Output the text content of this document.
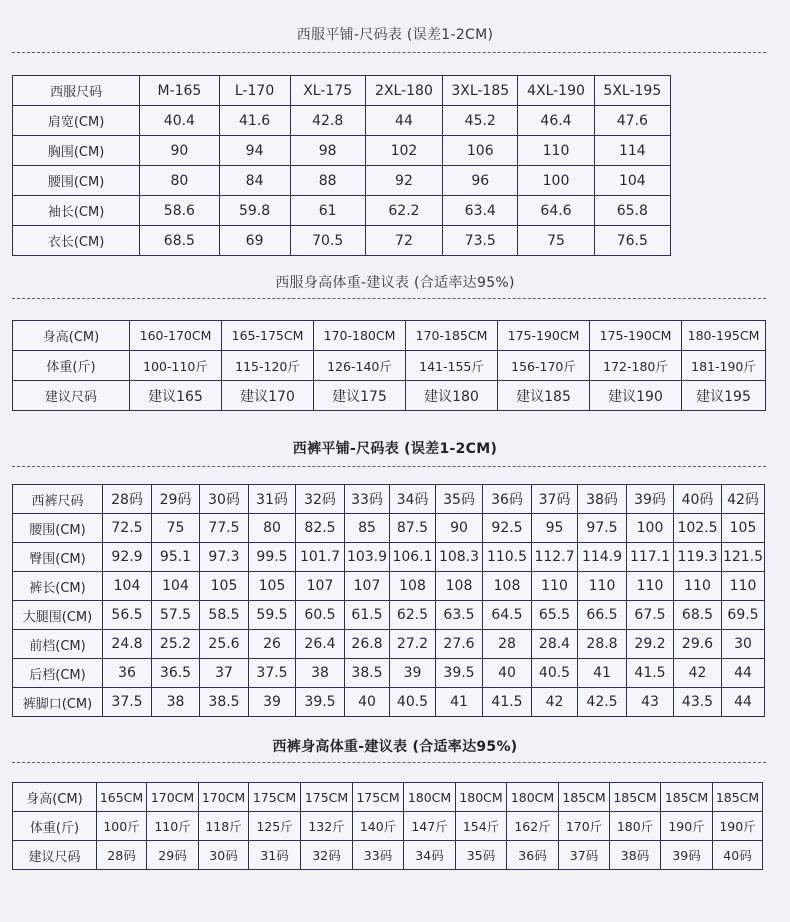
西服平铺-尺码表 (误差1-2CM)
西服尺码	M-165	L-170	XL-175	2XL-180	3XL-185	4XL-190	5XL-195
肩宽(CM)	40.4	41.6	42.8	44	45.2	46.4	47.6
胸围(CM)	90	94	98	102	106	110	114
腰围(CM)	80	84	88	92	96	100	104
袖长(CM)	58.6	59.8	61	62.2	63.4	64.6	65.8
衣长(CM)	68.5	69	70.5	72	73.5	75	76.5
西服身高体重-建议表 (合适率达95%)
身高(CM)	160-170CM	165-175CM	170-180CM	170-185CM	175-190CM	175-190CM	180-195CM
体重(斤)	100-110斤	115-120斤	126-140斤	141-155斤	156-170斤	172-180斤	181-190斤
建议尺码	建议165	建议170	建议175	建议180	建议185	建议190	建议195
西裤平铺-尺码表 (误差1-2CM)
西裤尺码	28码	29码	30码	31码	32码	33码	34码	35码	36码	37码	38码	39码	40码	42码
腰围(CM)	72.5	75	77.5	80	82.5	85	87.5	90	92.5	95	97.5	100	102.5	105
臀围(CM)	92.9	95.1	97.3	99.5	101.7	103.9	106.1	108.3	110.5	112.7	114.9	117.1	119.3	121.5
裤长(CM)	104	104	105	105	107	107	108	108	108	110	110	110	110	110
大腿围(CM)	56.5	57.5	58.5	59.5	60.5	61.5	62.5	63.5	64.5	65.5	66.5	67.5	68.5	69.5
前档(CM)	24.8	25.2	25.6	26	26.4	26.8	27.2	27.6	28	28.4	28.8	29.2	29.6	30
后档(CM)	36	36.5	37	37.5	38	38.5	39	39.5	40	40.5	41	41.5	42	44
裤脚口(CM)	37.5	38	38.5	39	39.5	40	40.5	41	41.5	42	42.5	43	43.5	44
西裤身高体重-建议表 (合适率达95%)
身高(CM)	165CM	170CM	170CM	175CM	175CM	175CM	180CM	180CM	180CM	185CM	185CM	185CM	185CM
体重(斤)	100斤	110斤	118斤	125斤	132斤	140斤	147斤	154斤	162斤	170斤	180斤	190斤	190斤
建议尺码	28码	29码	30码	31码	32码	33码	34码	35码	36码	37码	38码	39码	40码
